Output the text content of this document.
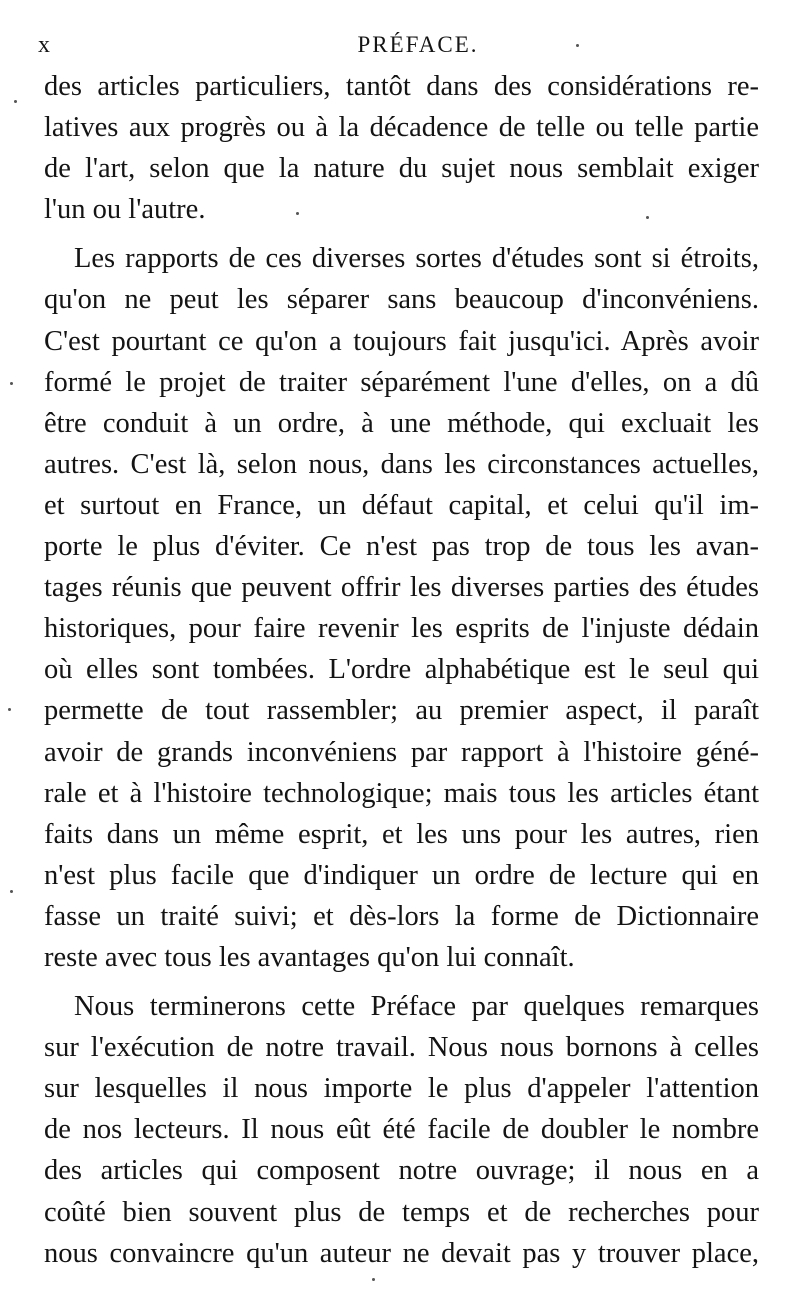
x	PRÉFACE.
des articles particuliers, tantôt dans des considérations re-
latives aux progrès ou à la décadence de telle ou telle partie
de l'art, selon que la nature du sujet nous semblait exiger
l'un ou l'autre.
Les rapports de ces diverses sortes d'études sont si étroits,
qu'on ne peut les séparer sans beaucoup d'inconvéniens.
C'est pourtant ce qu'on a toujours fait jusqu'ici. Après avoir
formé le projet de traiter séparément l'une d'elles, on a dû
être conduit à un ordre, à une méthode, qui excluait les
autres. C'est là, selon nous, dans les circonstances actuelles,
et surtout en France, un défaut capital, et celui qu'il im-
porte le plus d'éviter. Ce n'est pas trop de tous les avan-
tages réunis que peuvent offrir les diverses parties des études
historiques, pour faire revenir les esprits de l'injuste dédain
où elles sont tombées. L'ordre alphabétique est le seul qui
permette de tout rassembler; au premier aspect, il paraît
avoir de grands inconvéniens par rapport à l'histoire géné-
rale et à l'histoire technologique; mais tous les articles étant
faits dans un même esprit, et les uns pour les autres, rien
n'est plus facile que d'indiquer un ordre de lecture qui en
fasse un traité suivi; et dès-lors la forme de Dictionnaire
reste avec tous les avantages qu'on lui connaît.
Nous terminerons cette Préface par quelques remarques
sur l'exécution de notre travail. Nous nous bornons à celles
sur lesquelles il nous importe le plus d'appeler l'attention
de nos lecteurs. Il nous eût été facile de doubler le nombre
des articles qui composent notre ouvrage; il nous en a
coûté bien souvent plus de temps et de recherches pour
nous convaincre qu'un auteur ne devait pas y trouver place,
